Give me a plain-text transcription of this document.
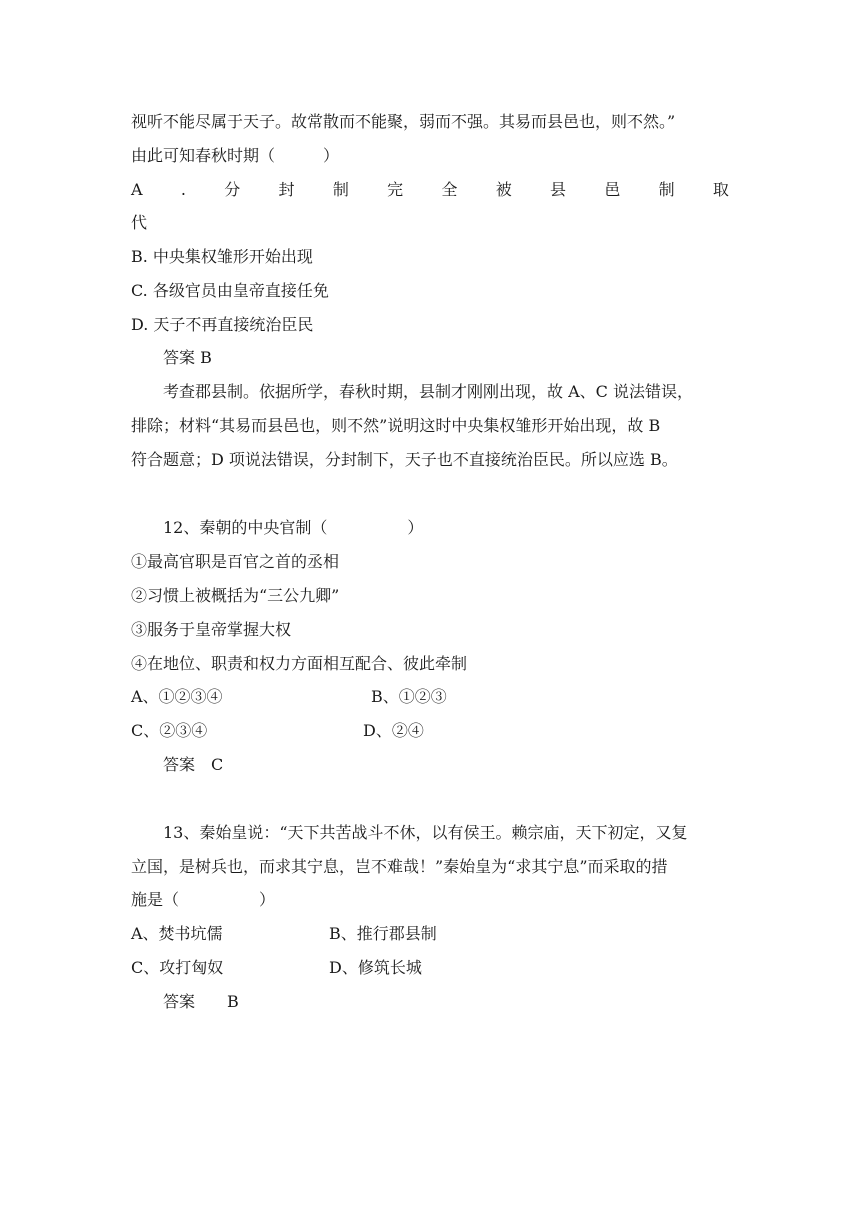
视听不能尽属于天子。故常散而不能聚，弱而不强。其易而县邑也，则不然。”
由此可知春秋时期（　　　）
A . 分 封 制 完 全 被 县 邑 制 取
代
B. 中央集权雏形开始出现
C. 各级官员由皇帝直接任免
D. 天子不再直接统治臣民
答案 B
考查郡县制。依据所学，春秋时期，县制才刚刚出现，故 A、C 说法错误，
排除；材料“其易而县邑也，则不然”说明这时中央集权雏形开始出现，故 B
符合题意；D 项说法错误，分封制下，天子也不直接统治臣民。所以应选 B。
12、秦朝的中央官制（　　　　　）
①最高官职是百官之首的丞相
②习惯上被概括为“三公九卿”
③服务于皇帝掌握大权
④在地位、职责和权力方面相互配合、彼此牵制
A、①②③④	B、①②③
C、②③④	D、②④
答案　C
13、秦始皇说：“天下共苦战斗不休，以有侯王。赖宗庙，天下初定，又复
立国，是树兵也，而求其宁息，岂不难哉！”秦始皇为“求其宁息”而采取的措
施是（　　　　　）
A、焚书坑儒	B、推行郡县制
C、攻打匈奴	D、修筑长城
答案　　B
